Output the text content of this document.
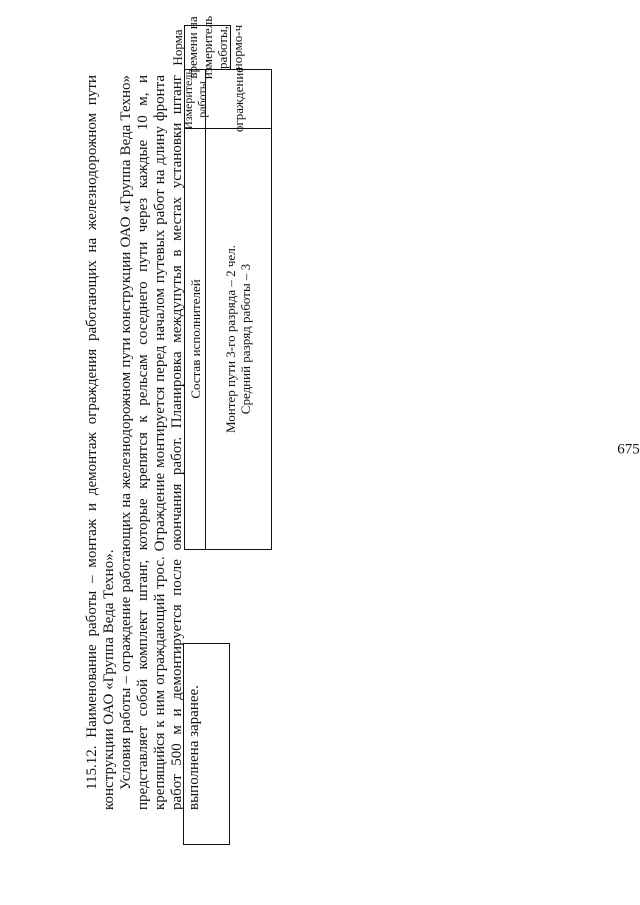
675

115.12. Наименование работы – монтаж и демонтаж ограждения работающих на железнодорожном пути конструкции ОАО «Группа Веда Техно». Условия работы – ограждение работающих на железнодорожном пути конструкции ОАО «Группа Веда Техно» представляет собой комплект штанг, которые крепятся к рельсам соседнего пути через каждые 10 м, и крепящийся к ним ограждающий трос. Ограждение монтируется перед началом путевых работ на длину фронта работ 500 м и демонтируется после окончания работ. Планировка междупутья в местах установки штанг выполнена заранее.

Состав исполнителей
Измеритель работы
Норма времени на измеритель работы, нормо-ч
Монтер пути 3-го разряда – 2 чел. Средний разряд работы – 3
ограждение
